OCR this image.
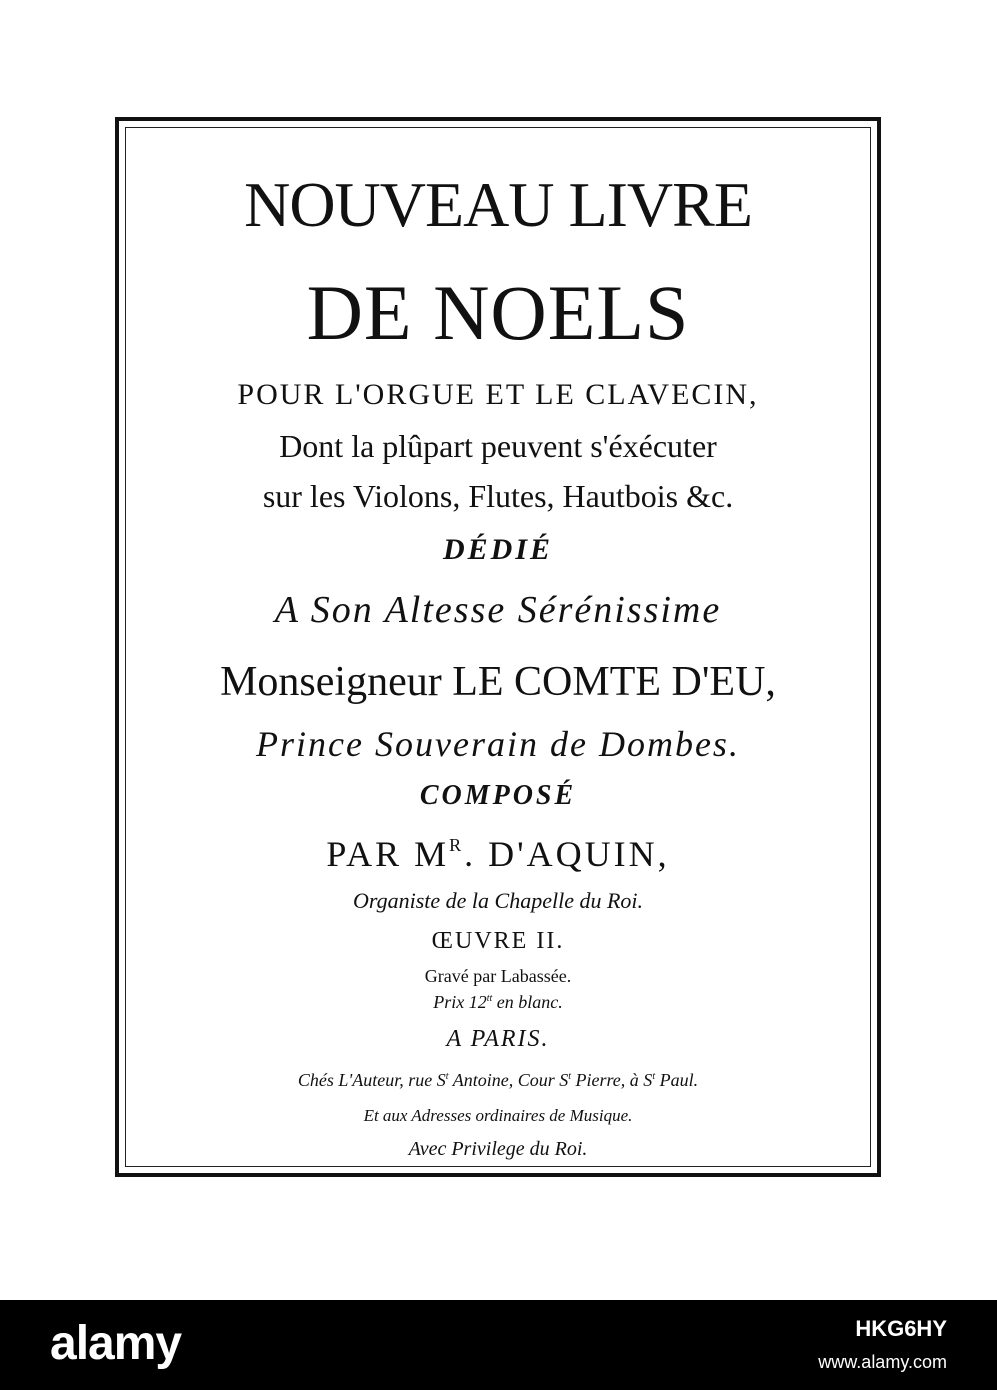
NOUVEAU LIVRE
DE NOELS
POUR L'ORGUE ET LE CLAVECIN,
Dont la plûpart peuvent s'éxécuter
sur les Violons, Flutes, Hautbois &c.
DÉDIÉ
A Son Altesse Sérénissime
Monseigneur LE COMTE D'EU,
Prince Souverain de Dombes.
COMPOSÉ
PAR $M^R$. D'AQUIN,
Organiste de la Chapelle du Roi.
ŒUVRE II.
Gravé par Labassée.
Prix $12^{tt}$ en blanc.
A PARIS.
Chés L'Auteur, rue $S^t$ Antoine, Cour $S^t$ Pierre, à $S^t$ Paul.
Et aux Adresses ordinaires de Musique.
Avec Privilege du Roi.
alamy	HKG6HY
www.alamy.com
